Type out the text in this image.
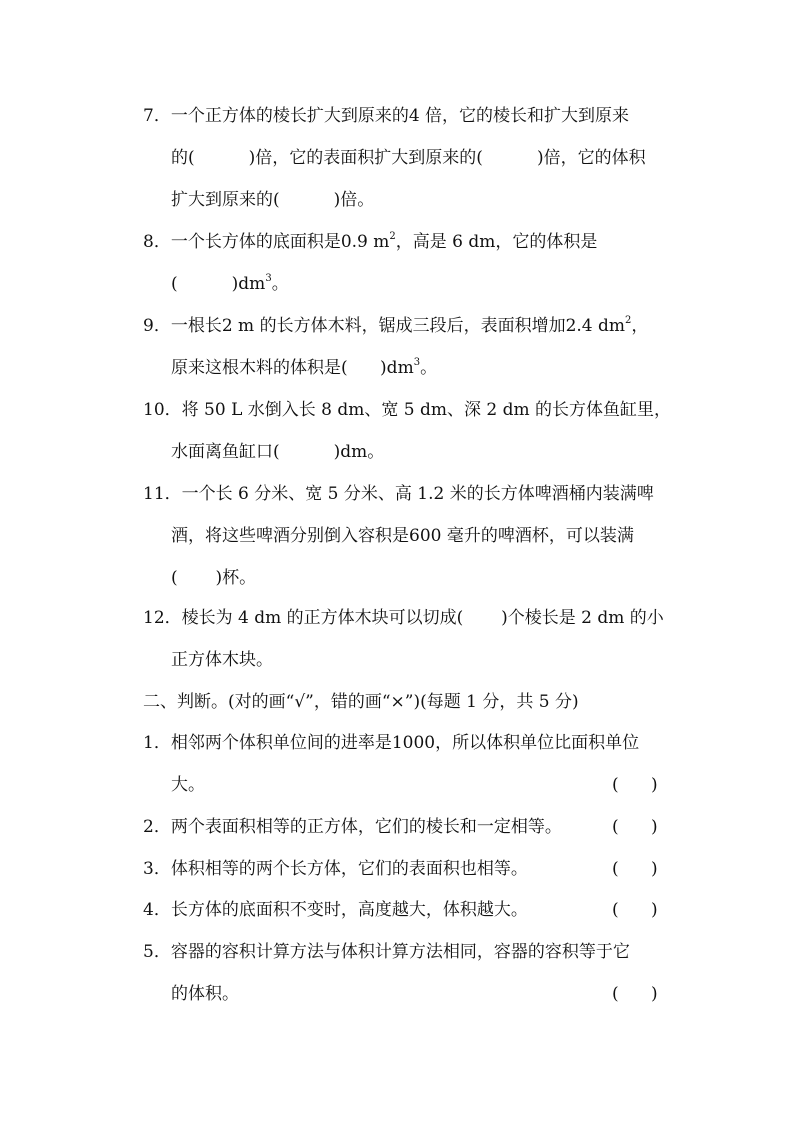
7．一个正方体的棱长扩大到原来的4 倍，它的棱长和扩大到原来
的(          )倍，它的表面积扩大到原来的(          )倍，它的体积
扩大到原来的(          )倍。
8．一个长方体的底面积是0.9 $m^2$，高是 6 dm，它的体积是
(          )$dm^3$。
9．一根长2 m 的长方体木料，锯成三段后，表面积增加2.4 $dm^2$，
原来这根木料的体积是(      )$dm^3$。
10．将 50 L 水倒入长 8 dm、宽 5 dm、深 2 dm 的长方体鱼缸里，
水面离鱼缸口(          )dm。
11．一个长 6 分米、宽 5 分米、高 1.2 米的长方体啤酒桶内装满啤
酒，将这些啤酒分别倒入容积是600 毫升的啤酒杯，可以装满
(       )杯。
12．棱长为 4 dm 的正方体木块可以切成(       )个棱长是 2 dm 的小
正方体木块。
二、判断。(对的画“√”，错的画“×”)(每题 1 分，共 5 分)
1．相邻两个体积单位间的进率是1000，所以体积单位比面积单位
大。	(      )
2．两个表面积相等的正方体，它们的棱长和一定相等。	(      )
3．体积相等的两个长方体，它们的表面积也相等。	(      )
4．长方体的底面积不变时，高度越大，体积越大。	(      )
5．容器的容积计算方法与体积计算方法相同，容器的容积等于它
的体积。	(      )
